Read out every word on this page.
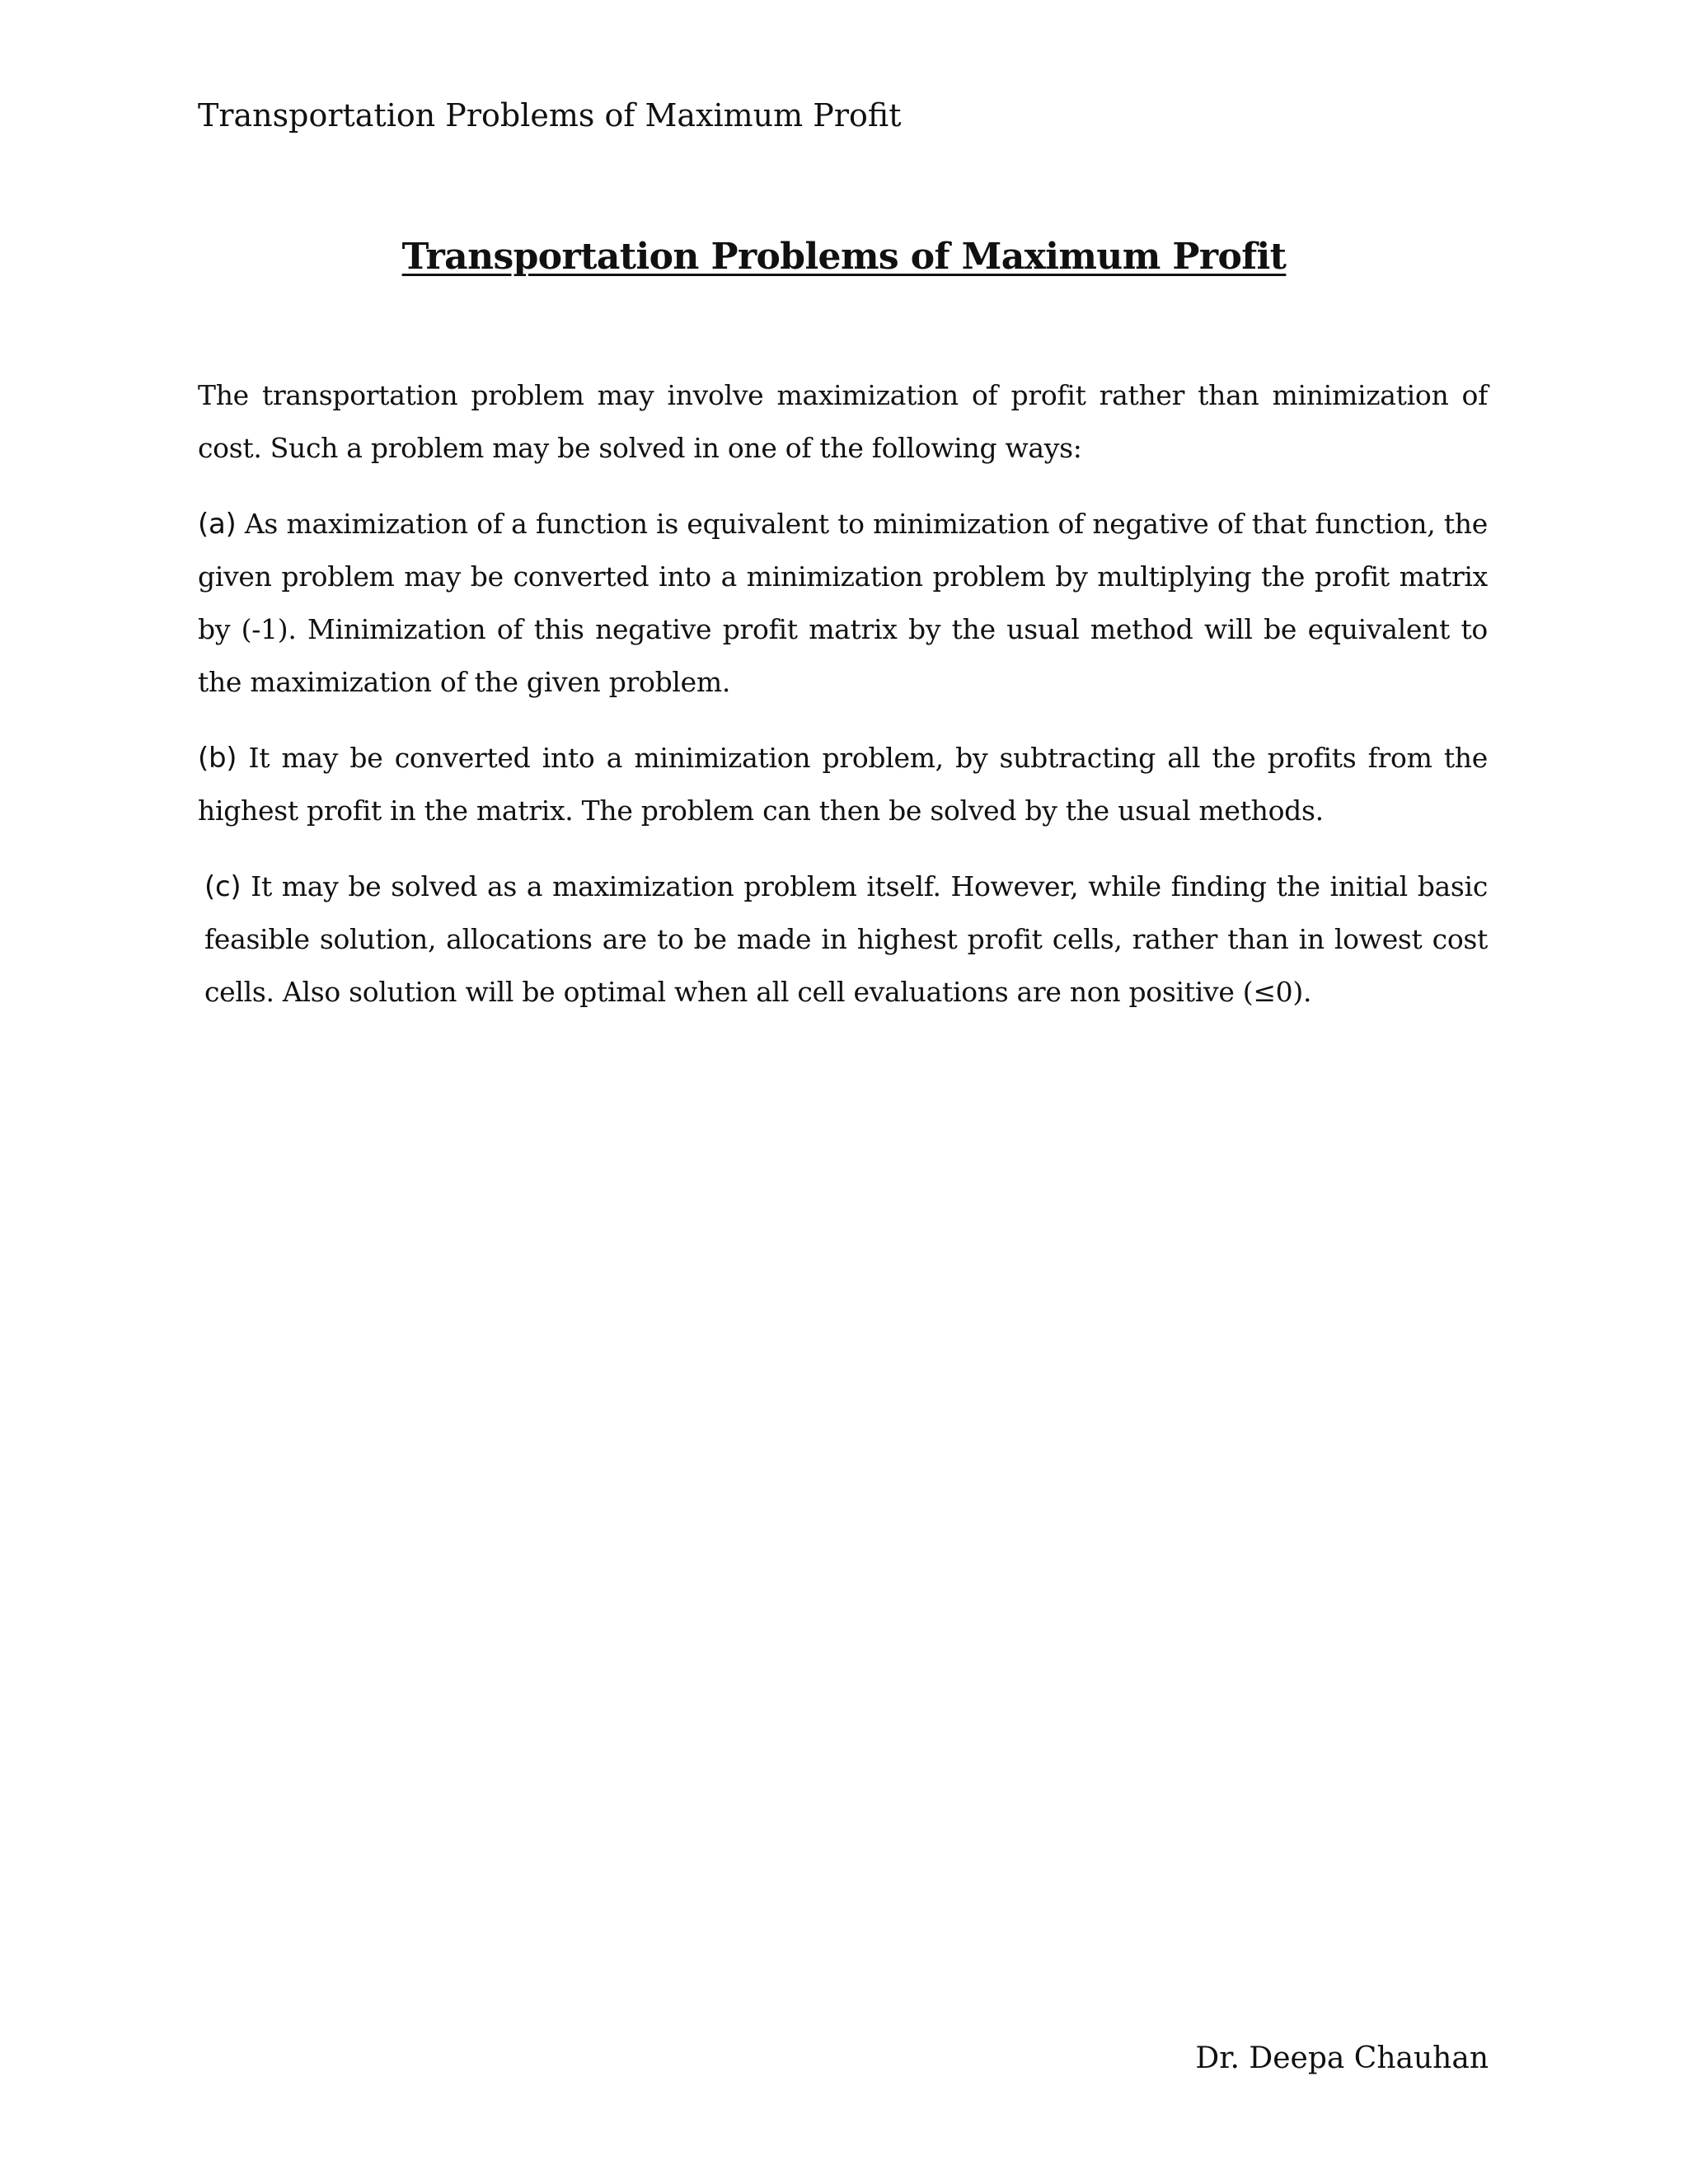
Transportation Problems of Maximum Profit
Transportation Problems of Maximum Profit

The transportation problem may involve maximization of profit rather than minimization of cost. Such a problem may be solved in one of the following ways:

(a) As maximization of a function is equivalent to minimization of negative of that function, the given problem may be converted into a minimization problem by multiplying the profit matrix by (-1). Minimization of this negative profit matrix by the usual method will be equivalent to the maximization of the given problem.

(b) It may be converted into a minimization problem, by subtracting all the profits from the highest profit in the matrix. The problem can then be solved by the usual methods.

(c) It may be solved as a maximization problem itself. However, while finding the initial basic feasible solution, allocations are to be made in highest profit cells, rather than in lowest cost cells. Also solution will be optimal when all cell evaluations are non positive (≤0).

Dr. Deepa Chauhan
